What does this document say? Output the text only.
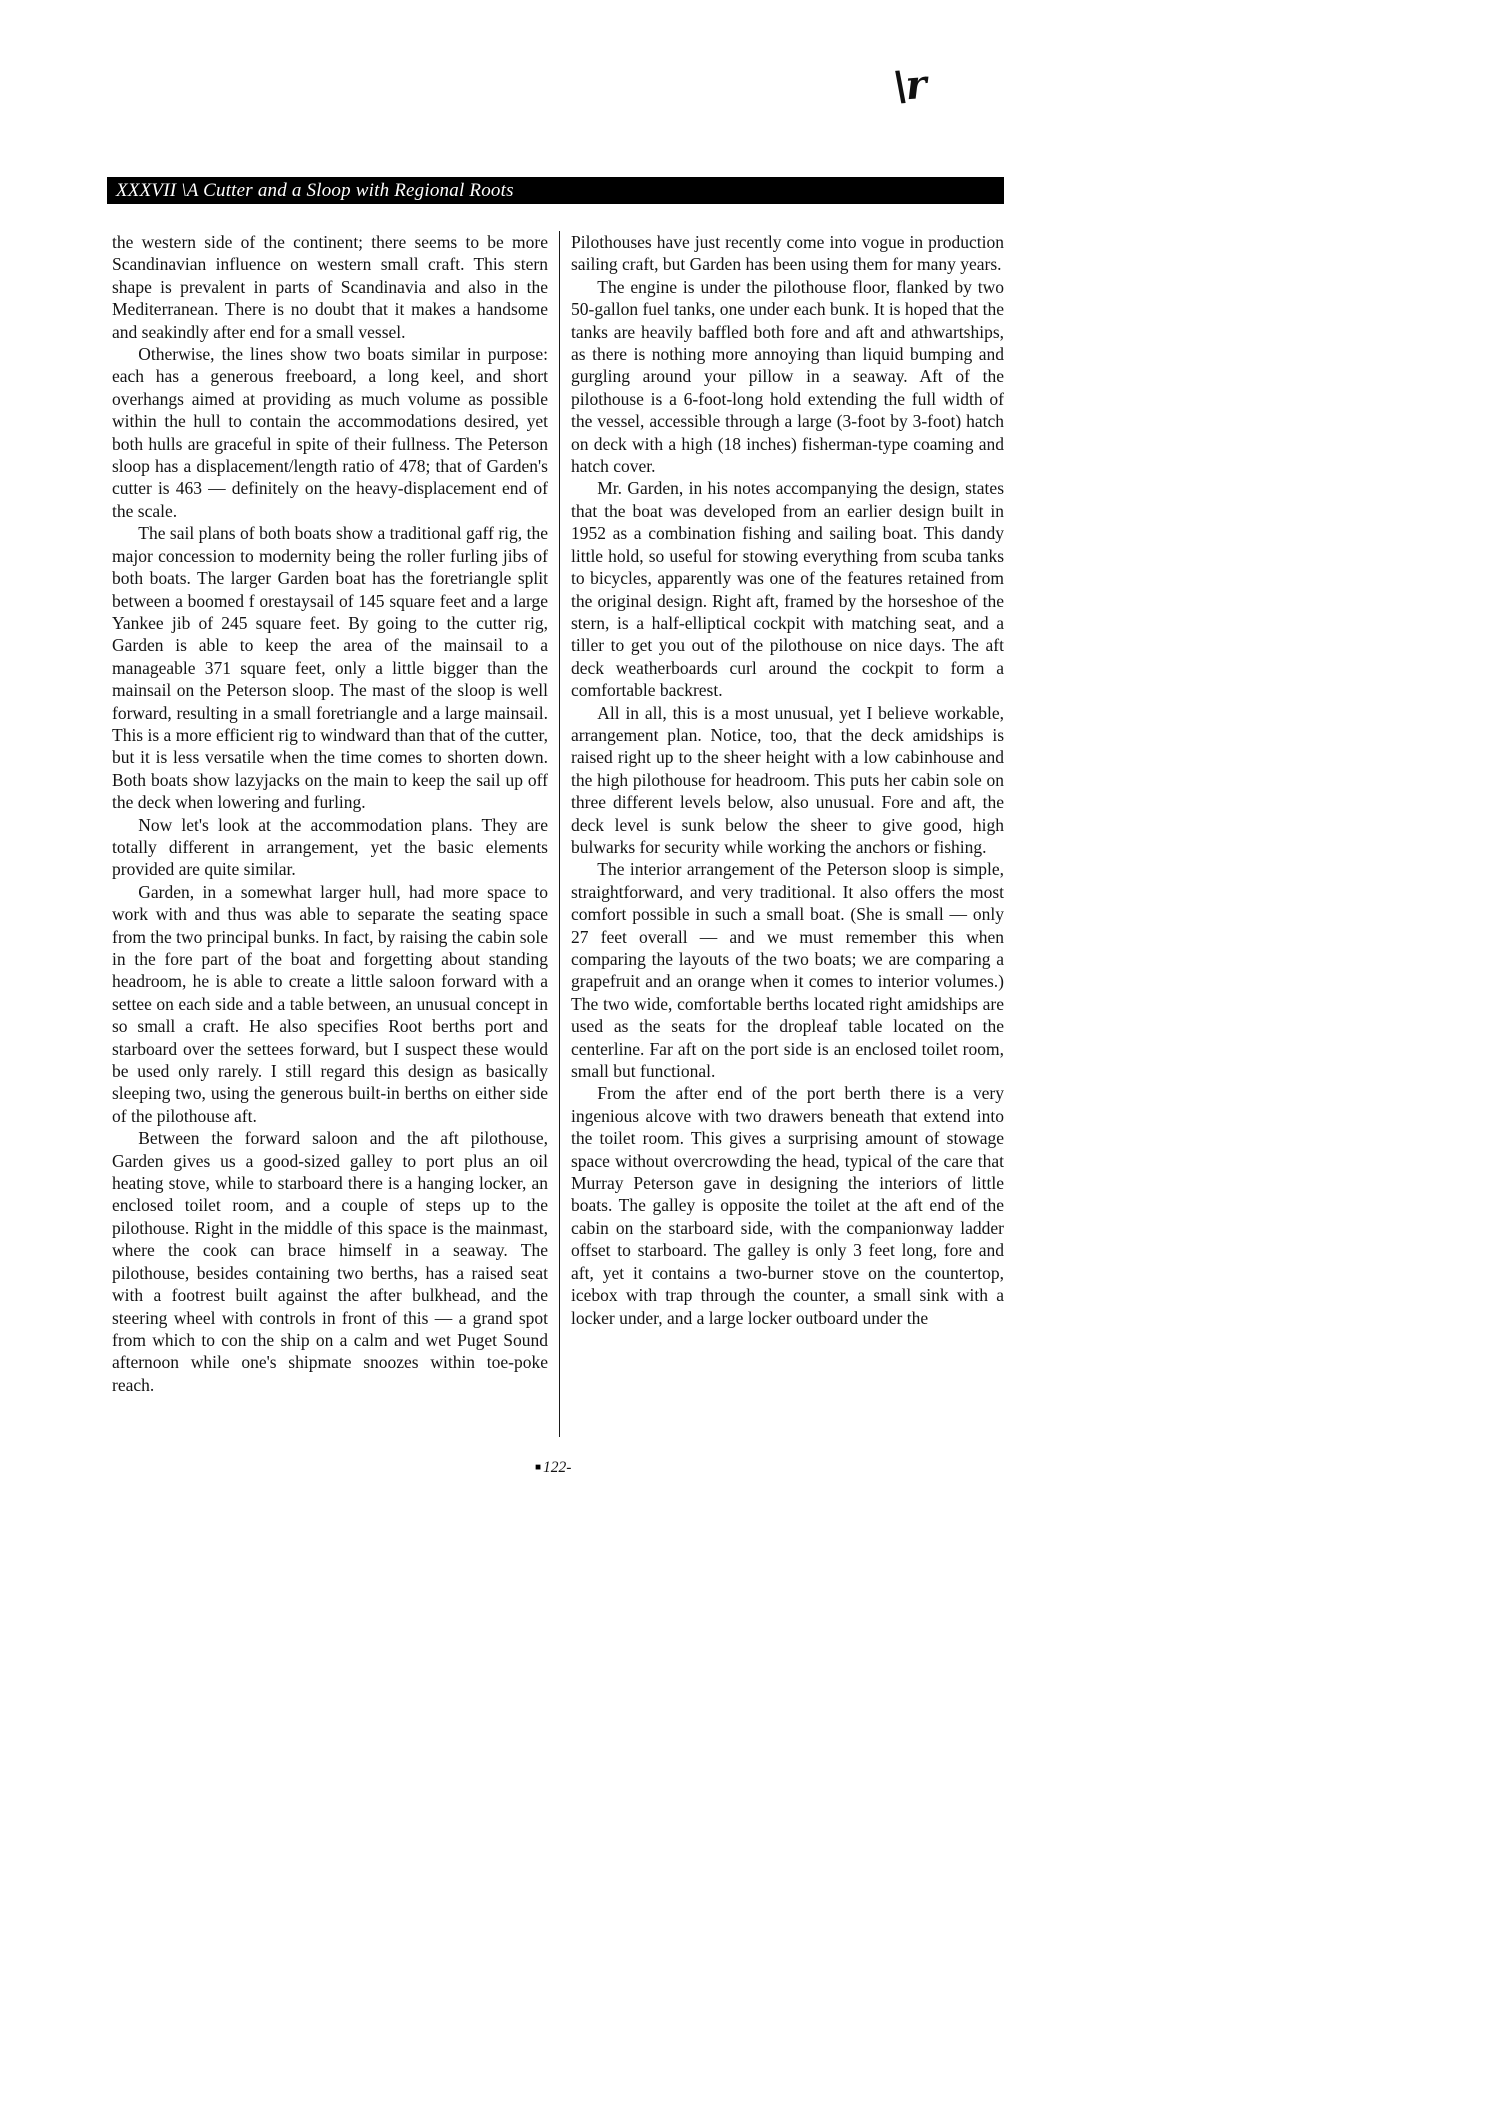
\r
XXXVII \A Cutter and a Sloop with Regional Roots

the western side of the continent; there seems to be more Scandinavian influence on western small craft. This stern shape is prevalent in parts of Scandinavia and also in the Mediterranean. There is no doubt that it makes a handsome and seakindly after end for a small vessel.

Otherwise, the lines show two boats similar in purpose: each has a generous freeboard, a long keel, and short overhangs aimed at providing as much volume as possible within the hull to contain the accommodations desired, yet both hulls are graceful in spite of their fullness. The Peterson sloop has a displacement/length ratio of 478; that of Garden's cutter is 463 — definitely on the heavy-displacement end of the scale.

The sail plans of both boats show a traditional gaff rig, the major concession to modernity being the roller furling jibs of both boats. The larger Garden boat has the foretriangle split between a boomed f orestaysail of 145 square feet and a large Yankee jib of 245 square feet. By going to the cutter rig, Garden is able to keep the area of the mainsail to a manageable 371 square feet, only a little bigger than the mainsail on the Peterson sloop. The mast of the sloop is well forward, resulting in a small foretriangle and a large mainsail. This is a more efficient rig to windward than that of the cutter, but it is less versatile when the time comes to shorten down. Both boats show lazyjacks on the main to keep the sail up off the deck when lowering and furling.

Now let's look at the accommodation plans. They are totally different in arrangement, yet the basic elements provided are quite similar.

Garden, in a somewhat larger hull, had more space to work with and thus was able to separate the seating space from the two principal bunks. In fact, by raising the cabin sole in the fore part of the boat and forgetting about standing headroom, he is able to create a little saloon forward with a settee on each side and a table between, an unusual concept in so small a craft. He also specifies Root berths port and starboard over the settees forward, but I suspect these would be used only rarely. I still regard this design as basically sleeping two, using the generous built-in berths on either side of the pilothouse aft.

Between the forward saloon and the aft pilothouse, Garden gives us a good-sized galley to port plus an oil heating stove, while to starboard there is a hanging locker, an enclosed toilet room, and a couple of steps up to the pilothouse. Right in the middle of this space is the mainmast, where the cook can brace himself in a seaway. The pilothouse, besides containing two berths, has a raised seat with a footrest built against the after bulkhead, and the steering wheel with controls in front of this — a grand spot from which to con the ship on a calm and wet Puget Sound afternoon while one's shipmate snoozes within toe-poke reach.

Pilothouses have just recently come into vogue in production sailing craft, but Garden has been using them for many years.

The engine is under the pilothouse floor, flanked by two 50-gallon fuel tanks, one under each bunk. It is hoped that the tanks are heavily baffled both fore and aft and athwartships, as there is nothing more annoying than liquid bumping and gurgling around your pillow in a seaway. Aft of the pilothouse is a 6-foot-long hold extending the full width of the vessel, accessible through a large (3-foot by 3-foot) hatch on deck with a high (18 inches) fisherman-type coaming and hatch cover.

Mr. Garden, in his notes accompanying the design, states that the boat was developed from an earlier design built in 1952 as a combination fishing and sailing boat. This dandy little hold, so useful for stowing everything from scuba tanks to bicycles, apparently was one of the features retained from the original design. Right aft, framed by the horseshoe of the stern, is a half-elliptical cockpit with matching seat, and a tiller to get you out of the pilothouse on nice days. The aft deck weatherboards curl around the cockpit to form a comfortable backrest.

All in all, this is a most unusual, yet I believe workable, arrangement plan. Notice, too, that the deck amidships is raised right up to the sheer height with a low cabinhouse and the high pilothouse for headroom. This puts her cabin sole on three different levels below, also unusual. Fore and aft, the deck level is sunk below the sheer to give good, high bulwarks for security while working the anchors or fishing.

The interior arrangement of the Peterson sloop is simple, straightforward, and very traditional. It also offers the most comfort possible in such a small boat. (She is small — only 27 feet overall — and we must remember this when comparing the layouts of the two boats; we are comparing a grapefruit and an orange when it comes to interior volumes.) The two wide, comfortable berths located right amidships are used as the seats for the dropleaf table located on the centerline. Far aft on the port side is an enclosed toilet room, small but functional.

From the after end of the port berth there is a very ingenious alcove with two drawers beneath that extend into the toilet room. This gives a surprising amount of stowage space without overcrowding the head, typical of the care that Murray Peterson gave in designing the interiors of little boats. The galley is opposite the toilet at the aft end of the cabin on the starboard side, with the companionway ladder offset to starboard. The galley is only 3 feet long, fore and aft, yet it contains a two-burner stove on the countertop, icebox with trap through the counter, a small sink with a locker under, and a large locker outboard under the

■ 122-
